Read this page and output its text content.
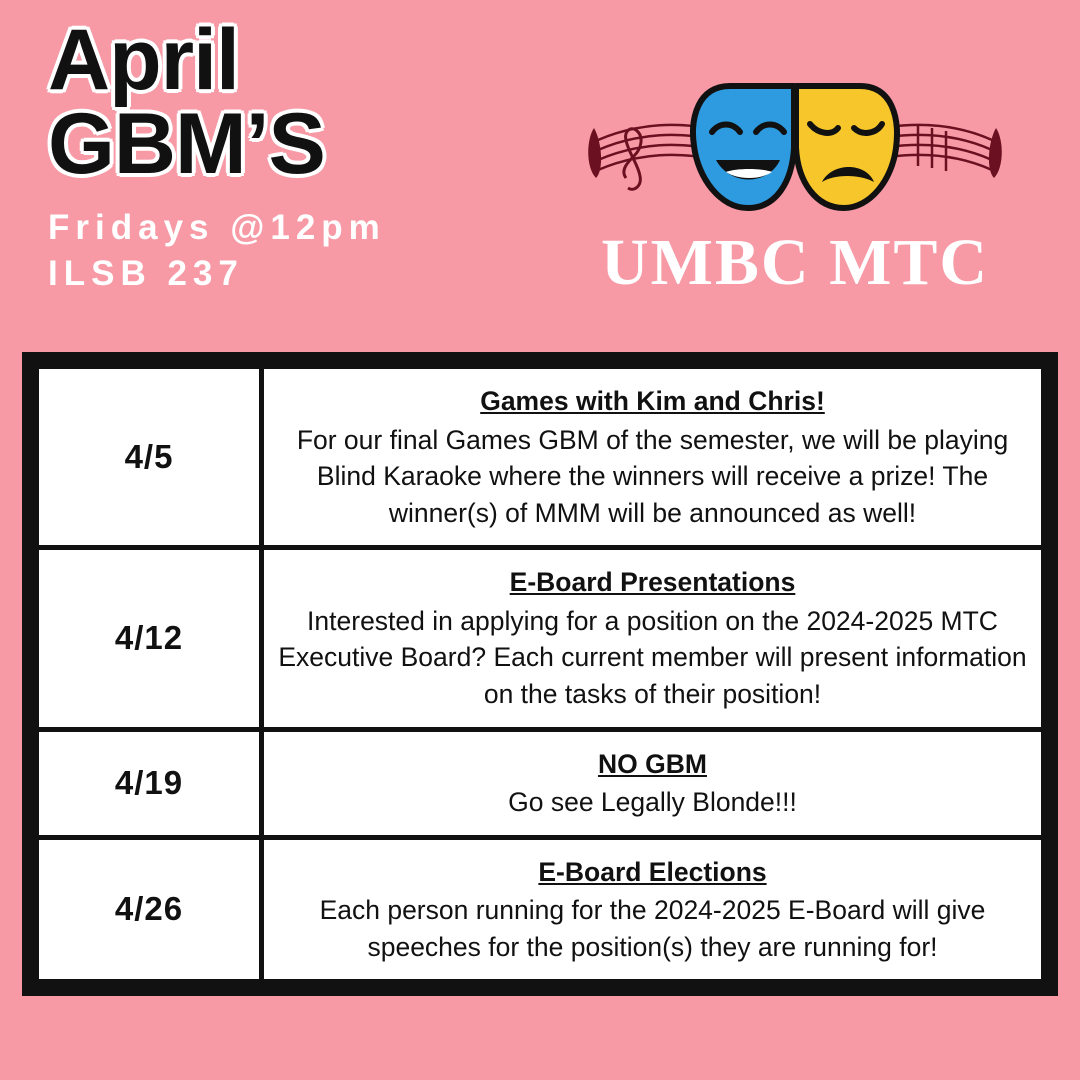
April
GBM’S
Fridays @12pm
ILSB 237	UMBC MTC
4/5	Games with Kim and Chris!
For our final Games GBM of the semester, we will be playing Blind Karaoke where the winners will receive a prize! The winner(s) of MMM will be announced as well!

4/12	E-Board Presentations
Interested in applying for a position on the 2024-2025 MTC Executive Board? Each current member will present information on the tasks of their position!

4/19	NO GBM
Go see Legally Blonde!!!

4/26	E-Board Elections
Each person running for the 2024-2025 E-Board will give speeches for the position(s) they are running for!
